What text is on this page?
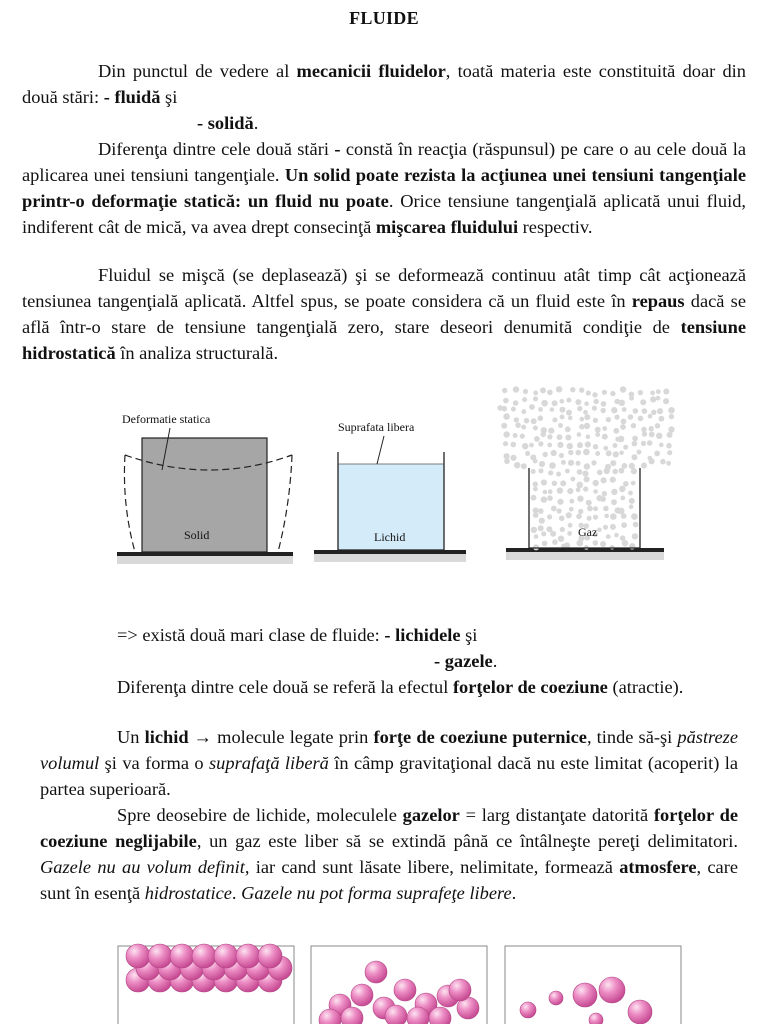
FLUIDE
Din punctul de vedere al mecanicii fluidelor, toată materia este constituită doar din două stări: - fluidă şi
- solidă.
Diferenţa dintre cele două stări - constă în reacţia (răspunsul) pe care o au cele două la aplicarea unei tensiuni tangenţiale. Un solid poate rezista la acţiunea unei tensiuni tangenţiale printr-o deformaţie statică: un fluid nu poate. Orice tensiune tangenţială aplicată unui fluid, indiferent cât de mică, va avea drept consecinţă mişcarea fluidului respectiv.
Fluidul se mişcă (se deplasează) şi se deformează continuu atât timp cât acţionează tensiunea tangenţială aplicată. Altfel spus, se poate considera că un fluid este în repaus dacă se află într-o stare de tensiune tangenţială zero, stare deseori denumită condiţie de tensiune hidrostatică în analiza structurală.
Deformatie statica
Solid
Suprafata libera
Lichid	Gaz
=> există două mari clase de fluide: - lichidele şi
- gazele.
Diferenţa dintre cele două se referă la efectul forţelor de coeziune (atractie).
Un lichid → molecule legate prin forţe de coeziune puternice, tinde să-şi păstreze volumul şi va forma o suprafaţă liberă în câmp gravitaţional dacă nu este limitat (acoperit) la partea superioară.
Spre deosebire de lichide, moleculele gazelor = larg distanţate datorită forţelor de coeziune neglijabile, un gaz este liber să se extindă până ce întâlneşte pereţi delimitatori. Gazele nu au volum definit, iar cand sunt lăsate libere, nelimitate, formează atmosfere, care sunt în esenţă hidrostatice. Gazele nu pot forma suprafeţe libere.
